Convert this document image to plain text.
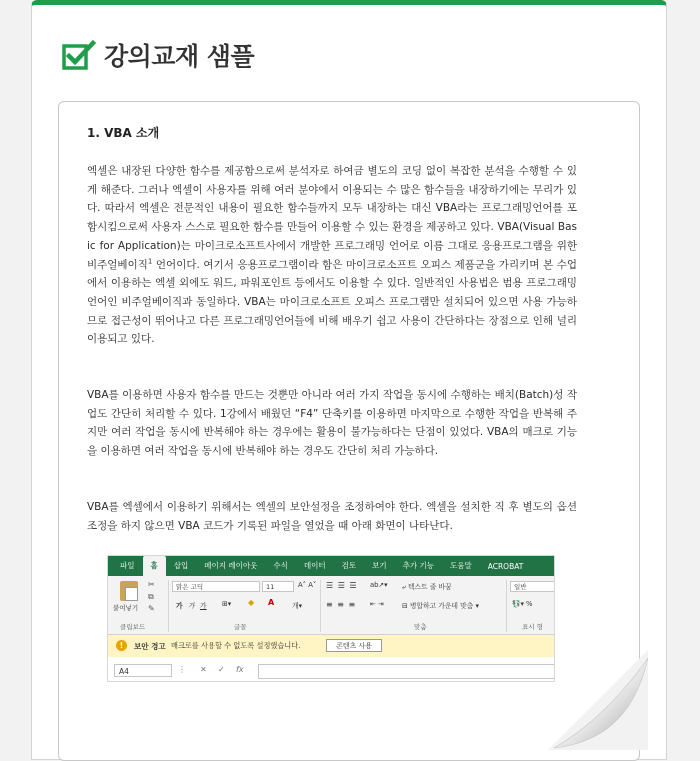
강의교재 샘플
1. VBA 소개

엑셀은 내장된 다양한 함수를 제공함으로써 분석자로 하여금 별도의 코딩 없이 복잡한 분석을 수행할 수 있게 해준다. 그러나 엑셀이 사용자를 위해 여러 분야에서 이용되는 수 많은 함수들을 내장하기에는 무리가 있다. 따라서 엑셀은 전문적인 내용이 필요한 함수들까지 모두 내장하는 대신 VBA라는 프로그래밍언어를 포함시킴으로써 사용자 스스로 필요한 함수를 만들어 이용할 수 있는 환경을 제공하고 있다. VBA(Visual Basic for Application)는 마이크로소프트사에서 개발한 프로그래밍 언어로 이름 그대로 응용프로그램을 위한 비주얼베이직$^1$ 언어이다. 여기서 응용프로그램이라 함은 마이크로소프트 오피스 제품군을 가리키며 본 수업에서 이용하는 엑셀 외에도 워드, 파워포인트 등에서도 이용할 수 있다. 일반적인 사용법은 범용 프로그래밍 언어인 비주얼베이직과 동일하다. VBA는 마이크로소프트 오피스 프로그램만 설치되어 있으면 사용 가능하므로 접근성이 뛰어나고 다른 프로그래밍언어들에 비해 배우기 쉽고 사용이 간단하다는 장점으로 인해 널리 이용되고 있다.

VBA를 이용하면 사용자 함수를 만드는 것뿐만 아니라 여러 가지 작업을 동시에 수행하는 배치(Batch)성 작업도 간단히 처리할 수 있다. 1강에서 배웠던 “F4” 단축키를 이용하면 마지막으로 수행한 작업을 반복해 주지만 여러 작업을 동시에 반복해야 하는 경우에는 활용이 불가능하다는 단점이 있었다. VBA의 매크로 기능을 이용하면 여러 작업을 동시에 반복해야 하는 경우도 간단히 처리 가능하다.

VBA를 엑셀에서 이용하기 위해서는 엑셀의 보안설정을 조정하여야 한다. 엑셀을 설치한 직 후 별도의 옵션조정을 하지 않으면 VBA 코드가 기록된 파일을 열었을 때 아래 화면이 나타난다.

파일	홈	삽입	페이지 레이아웃	수식	데이터	검토	보기	추가 기능	도움말	ACROBAT
붙여넣기
✂
⧉
✎
클립보드
맑은 고딕	11	A˄ A˅
가 가 가 ⊞▾ ◆ A	개▾
글꼴
☰ ☰ ☰
≡ ≡ ≡
ab↗▾
⇤ ⇥
⤶ 텍스트 줄 바꿈
⊟ 병합하고 가운데 맞춤 ▾
맞춤
일반
💱▾ %
표시 형
!	보안 경고 매크로를 사용할 수 없도록 설정했습니다.	콘텐츠 사용
A4	⋮ ✕ ✓ fx
